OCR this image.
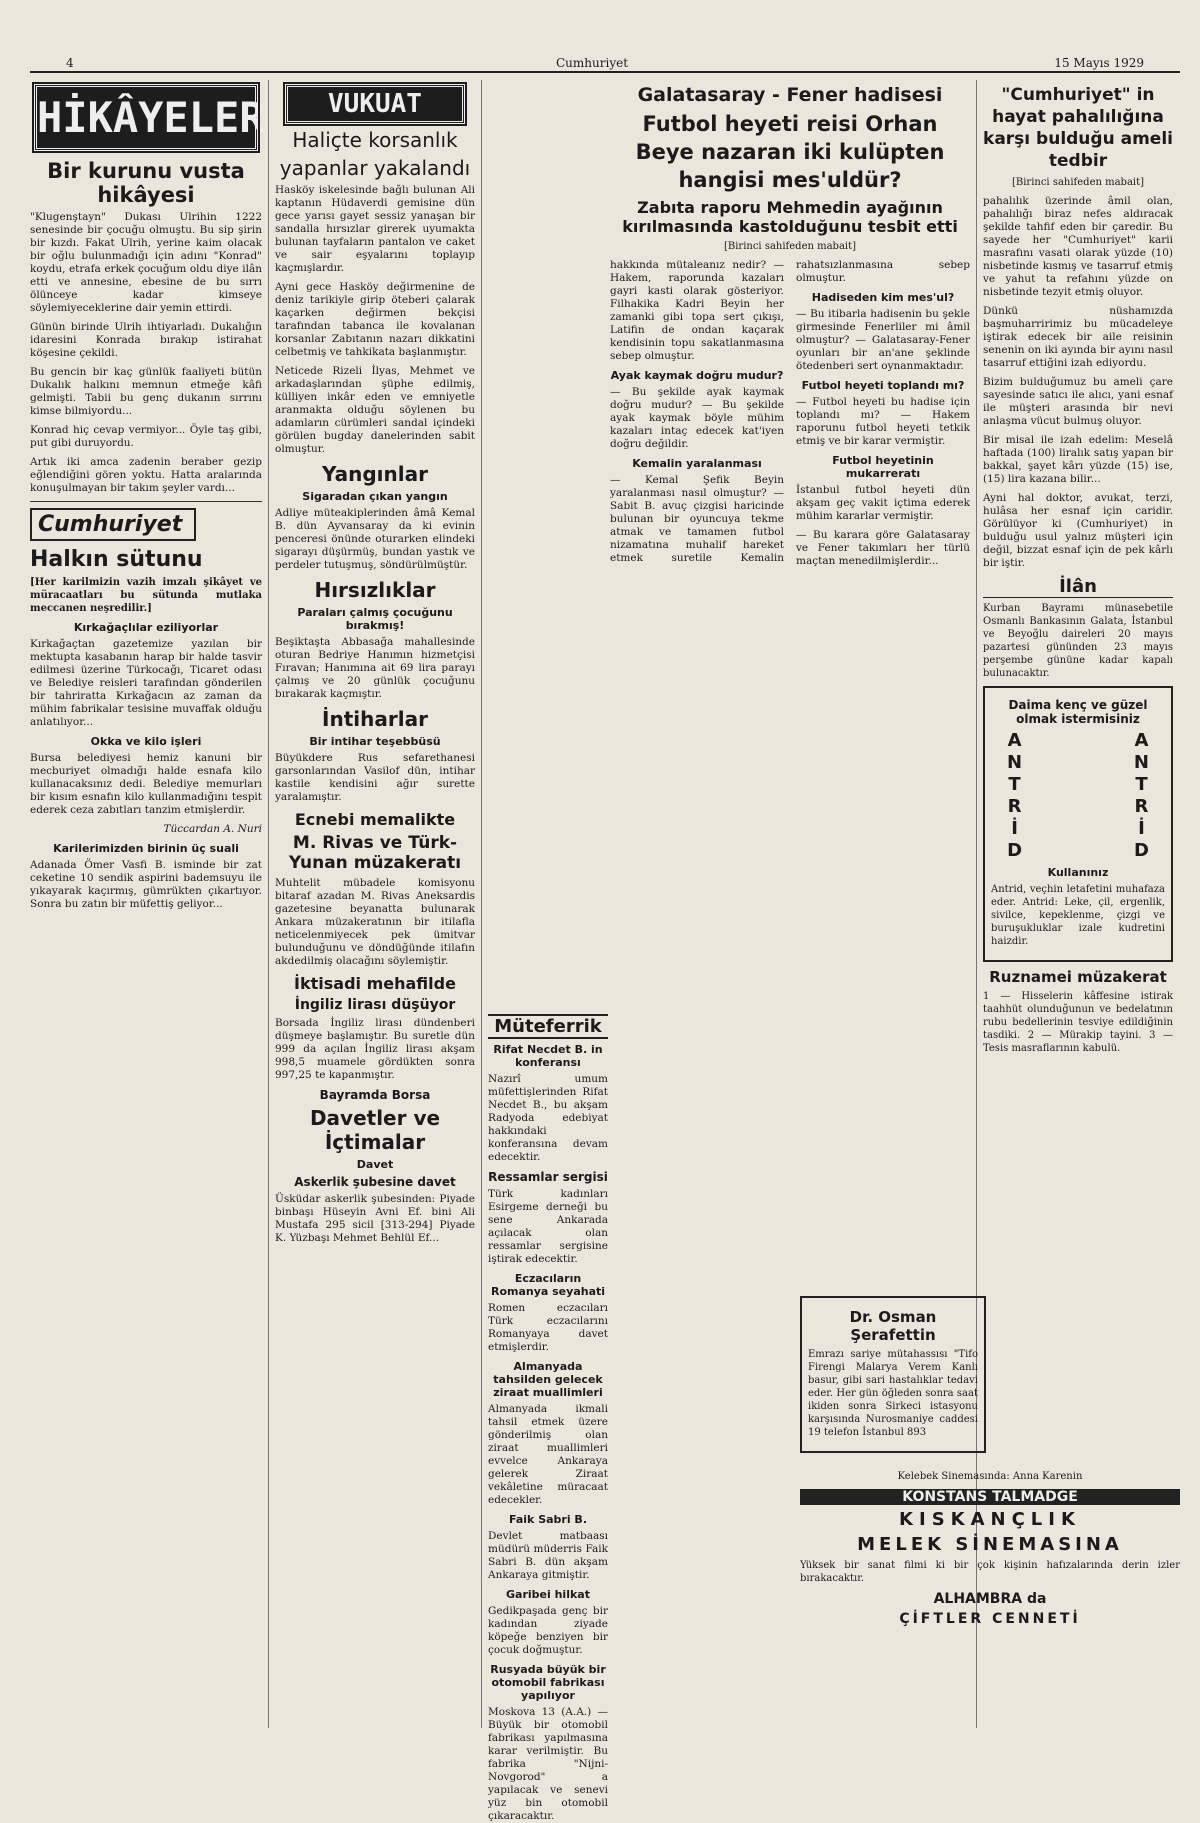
4	Cumhuriyet	15 Mayıs 1929
HİKÂYELER
Bir kurunu vusta hikâyesi

"Klugenştayn" Dukası Ulrihin 1222 senesinde bir çocuğu olmuştu. Bu sip şirin bir kızdı. Fakat Ulrih, yerine kaim olacak bir oğlu bulunmadığı için adını "Konrad" koydu, etrafa erkek çocuğum oldu diye ilân etti ve annesine, ebesine de bu sırrı ölünceye kadar kimseye söylemiyeceklerine dair yemin ettirdi.

Günün birinde Ulrih ihtiyarladı. Dukalığın idaresini Konrada bırakıp istirahat köşesine çekildi.

Bu gencin bir kaç günlük faaliyeti bütün Dukalık halkını memnun etmeğe kâfi gelmişti. Tabii bu genç dukanın sırrını kimse bilmiyordu...

Konrad hiç cevap vermiyor... Öyle taş gibi, put gibi duruyordu.

Artık iki amca zadenin beraber gezip eğlendiğini gören yoktu. Hatta aralarında konuşulmayan bir takım şeyler vardı...

Cumhuriyet
Halkın sütunu

[Her karilmizin vazih imzalı şikâyet ve müracaatları bu sütunda mutlaka meccanen neşredilir.]

Kırkağaçlılar eziliyorlar

Kırkağaçtan gazetemize yazılan bir mektupta kasabanın harap bir halde tasvir edilmesi üzerine Türkocağı, Ticaret odası ve Belediye reisleri tarafından gönderilen bir tahriratta Kırkağacın az zaman da mühim fabrikalar tesisine muvaffak olduğu anlatılıyor...

Okka ve kilo işleri

Bursa belediyesi hemiz kanuni bir mecburiyet olmadığı halde esnafa kilo kullanacaksınız dedi. Belediye memurları bir kısım esnafın kilo kullanmadığını tespit ederek ceza zabıtları tanzim etmişlerdir.

Tüccardan A. Nuri

Karilerimizden birinin üç suali

Adanada Ömer Vasfi B. isminde bir zat ceketine 10 sendik aspirini bademsuyu ile yıkayarak kaçırmış, gümrükten çıkartıyor. Sonra bu zatın bir müfettiş geliyor...

VUKUAT
Haliçte korsanlık
yapanlar yakalandı

Hasköy iskelesinde bağlı bulunan Ali kaptanın Hüdaverdi gemisine dün gece yarısı gayet sessiz yanaşan bir sandalla hırsızlar girerek uyumakta bulunan tayfaların pantalon ve caket ve sair eşyalarını toplayıp kaçmışlardır.

Ayni gece Hasköy değirmenine de deniz tarikiyle girip öteberi çalarak kaçarken değirmen bekçisi tarafından tabanca ile kovalanan korsanlar Zabıtanın nazarı dikkatini celbetmiş ve tahkikata başlanmıştır.

Neticede Rizeli İlyas, Mehmet ve arkadaşlarından şüphe edilmiş, külliyen inkâr eden ve emniyetle aranmakta olduğu söylenen bu adamların cürümleri sandal içindeki görülen bugday danelerinden sabit olmuştur.

Yangınlar
Sigaradan çıkan yangın

Adliye müteakiplerinden âmâ Kemal B. dün Ayvansaray da ki evinin penceresi önünde oturarken elindeki sigarayı düşürmüş, bundan yastık ve perdeler tutuşmuş, söndürülmüştür.

Hırsızlıklar
Paraları çalmış çocuğunu bırakmış!

Beşiktaşta Abbasağa mahallesinde oturan Bedriye Hanımın hizmetçisi Fıravan; Hanımına ait 69 lira parayı çalmış ve 20 günlük çocuğunu bırakarak kaçmıştır.

İntiharlar
Bir intihar teşebbüsü

Büyükdere Rus sefarethanesi garsonlarından Vasilof dün, intihar kastile kendisini ağır surette yaralamıştır.

Ecnebi memalikte
M. Rivas ve Türk-Yunan müzakeratı

Muhtelit mübadele komisyonu bitaraf azadan M. Rivas Aneksardis gazetesine beyanatta bulunarak Ankara müzakeratının bir itilafla neticelenmiyecek pek ümitvar bulunduğunu ve döndüğünde itilafın akdedilmiş olacağını söylemiştir.

İktisadi mehafilde
İngiliz lirası düşüyor

Borsada İngiliz lirası dündenberi düşmeye başlamıştır. Bu suretle dün 999 da açılan İngiliz lirası akşam 998,5 muamele gördükten sonra 997,25 te kapanmıştır.

Bayramda Borsa
Davetler ve İçtimalar
Davet
Askerlik şubesine davet

Üsküdar askerlik şubesinden: Piyade binbaşı Hüseyin Avni Ef. bini Ali Mustafa 295 sicil [313-294] Piyade K. Yüzbaşı Mehmet Behlül Ef...

Müteferrik
Rifat Necdet B. in konferansı

Nazırî umum müfettişlerinden Rifat Necdet B., bu akşam Radyoda edebiyat hakkındaki konferansına devam edecektir.

Ressamlar sergisi

Türk kadınları Esirgeme derneği bu sene Ankarada açılacak olan ressamlar sergisine iştirak edecektir.

Eczacıların Romanya seyahati

Romen eczacıları Türk eczacılarını Romanyaya davet etmişlerdir.

Almanyada tahsilden gelecek ziraat muallimleri

Almanyada ikmali tahsil etmek üzere gönderilmiş olan ziraat muallimleri evvelce Ankaraya gelerek Ziraat vekâletine müracaat edecekler.

Faik Sabri B.

Devlet matbaası müdürü müderris Faik Sabri B. dün akşam Ankaraya gitmiştir.

Garibei hilkat

Gedikpaşada genç bir kadından ziyade köpeğe benziyen bir çocuk doğmuştur.

Rusyada büyük bir otomobil fabrikası yapılıyor

Moskova 13 (A.A.) — Büyük bir otomobil fabrikası yapılmasına karar verilmiştir. Bu fabrika "Nijni-Novgorod" a yapılacak ve senevi yüz bin otomobil çıkaracaktır.

Galatasaray - Fener hadisesi
Futbol heyeti reisi Orhan Beye nazaran iki kulüpten hangisi mes'uldür?
Zabıta raporu Mehmedin ayağının kırılmasında kastolduğunu tesbit etti

[Birinci sahifeden mabait]

hakkında mütaleanız nedir? — Hakem, raporunda kazaları gayri kasti olarak gösteriyor. Filhakika Kadri Beyin her zamanki gibi topa sert çıkışı, Latifin de ondan kaçarak kendisinin topu sakatlanmasına sebep olmuştur.

Ayak kaymak doğru mudur?

— Bu şekilde ayak kaymak doğru mudur? — Bu şekilde ayak kaymak böyle mühim kazaları intaç edecek kat'iyen doğru değildir.

Kemalin yaralanması

— Kemal Şefik Beyin yaralanması nasıl olmuştur? — Sabit B. avuç çizgisi haricinde bulunan bir oyuncuya tekme atmak ve tamamen futbol nizamatına muhalif hareket etmek suretile Kemalin rahatsızlanmasına sebep olmuştur.

Hadiseden kim mes'ul?

— Bu itibarla hadisenin bu şekle girmesinde Fenerliler mi âmil olmuştur? — Galatasaray-Fener oyunları bir an'ane şeklinde ötedenberi sert oynanmaktadır.

Futbol heyeti toplandı mı?

— Futbol heyeti bu hadise için toplandı mı? — Hakem raporunu futbol heyeti tetkik etmiş ve bir karar vermiştir.

Futbol heyetinin mukarreratı

İstanbul futbol heyeti dün akşam geç vakit içtima ederek mühim kararlar vermiştir.

— Bu karara göre Galatasaray ve Fener takımları her türlü maçtan menedilmişlerdir...

"Cumhuriyet" in hayat pahalılığına karşı bulduğu ameli tedbir

[Birinci sahifeden mabait]

pahalılık üzerinde âmil olan, pahalılığı biraz nefes aldıracak şekilde tahfif eden bir çaredir. Bu sayede her "Cumhuriyet" karii masrafını vasati olarak yüzde (10) nisbetinde kısmış ve tasarruf etmiş ve yahut ta refahını yüzde on nisbetinde tezyit etmiş oluyor.

Dünkü nüshamızda başmuharririmiz bu mücadeleye iştirak edecek bir aile reisinin senenin on iki ayında bir ayını nasıl tasarruf ettiğini izah ediyordu.

Bizim bulduğumuz bu ameli çare sayesinde satıcı ile alıcı, yani esnaf ile müşteri arasında bir nevi anlaşma vücut bulmuş oluyor.

Bir misal ile izah edelim: Meselâ haftada (100) liralık satış yapan bir bakkal, şayet kârı yüzde (15) ise, (15) lira kazana bilir...

Ayni hal doktor, avukat, terzi, hulâsa her esnaf için caridir. Görülüyor ki (Cumhuriyet) in bulduğu usul yalnız müşteri için değil, bizzat esnaf için de pek kârlı bir iştir.

İlân

Kurban Bayramı münasebetile Osmanlı Bankasının Galata, İstanbul ve Beyoğlu daireleri 20 mayıs pazartesi gününden 23 mayıs perşembe gününe kadar kapalı bulunacaktır.

Daima kenç ve güzel olmak istermisiniz
A
N
T
R
İ
D
A
N
T
R
İ
D
Kullanınız

Antrid, veçhin letafetini muhafaza eder. Antrid: Leke, çil, ergenlik, sivilce, kepeklenme, çizgi ve buruşukluklar izale kudretini haizdir.

Ruznamei müzakerat

1 — Hisselerin kâffesine istirak taahhüt olunduğunun ve bedelatının rubu bedellerinin tesviye edildiğinin tasdiki. 2 — Mürakip tayini. 3 — Tesis masraflarının kabulü.

Dr. Osman Şerafettin

Emrazı sariye mütahassısı "Tifo Firengi Malarya Verem Kanlı basur, gibi sari hastalıklar tedavi eder. Her gün öğleden sonra saat ikiden sonra Sirkeci istasyonu karşısında Nurosmaniye caddesi 19 telefon İstanbul 893

Kelebek Sinemasında: Anna Karenin

KONSTANS TALMADGE
KISKANÇLIK
MELEK SİNEMASINA

Yüksek bir sanat filmi ki bir çok kişinin hafızalarında derin izler bırakacaktır.

ALHAMBRA da
ÇİFTLER CENNETİ
